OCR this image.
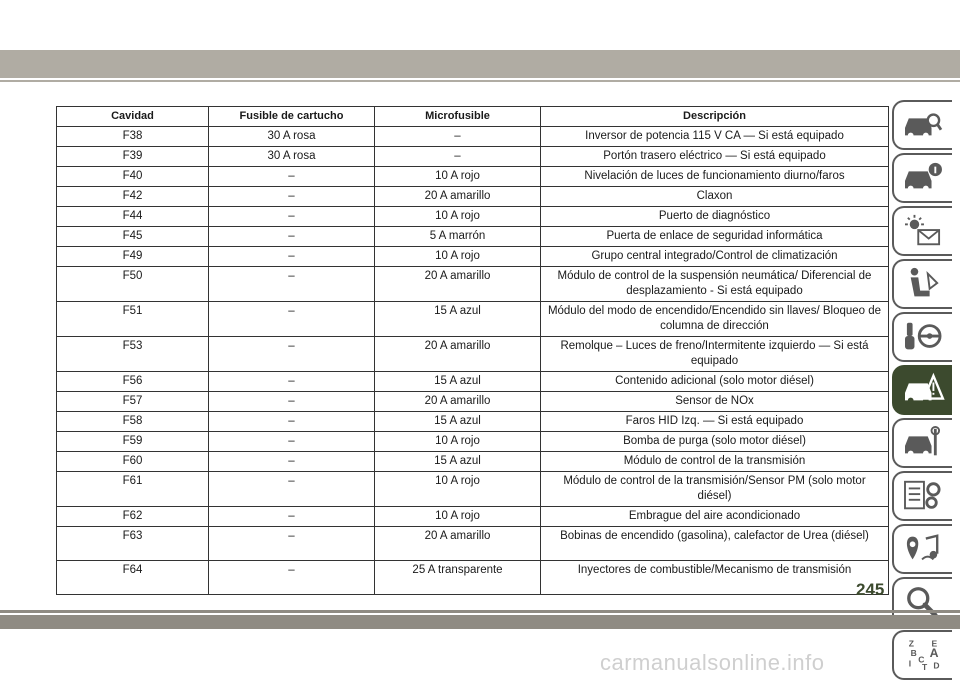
Cavidad	Fusible de cartucho	Microfusible	Descripción
F38	30 A rosa	–	Inversor de potencia 115 V CA — Si está equipado
F39	30 A rosa	–	Portón trasero eléctrico — Si está equipado
F40	–	10 A rojo	Nivelación de luces de funcionamiento diurno/faros
F42	–	20 A amarillo	Claxon
F44	–	10 A rojo	Puerto de diagnóstico
F45	–	5 A marrón	Puerta de enlace de seguridad informática
F49	–	10 A rojo	Grupo central integrado/Control de climatización
F50	–	20 A amarillo	Módulo de control de la suspensión neumática/ Diferencial de desplazamiento - Si está equipado
F51	–	15 A azul	Módulo del modo de encendido/Encendido sin llaves/ Bloqueo de columna de dirección
F53	–	20 A amarillo	Remolque – Luces de freno/Intermitente izquierdo — Si está equipado
F56	–	15 A azul	Contenido adicional (solo motor diésel)
F57	–	20 A amarillo	Sensor de NOx
F58	–	15 A azul	Faros HID Izq. — Si está equipado
F59	–	10 A rojo	Bomba de purga (solo motor diésel)
F60	–	15 A azul	Módulo de control de la transmisión
F61	–	10 A rojo	Módulo de control de la transmisión/Sensor PM (solo motor diésel)
F62	–	10 A rojo	Embrague del aire acondicionado
F63	–	20 A amarillo	Bobinas de encendido (gasolina), calefactor de Urea (diésel)
F64	–	25 A transparente	Inyectores de combustible/Mecanismo de transmisión
Z E
B A
I C
T D
245
carmanualsonline.info
